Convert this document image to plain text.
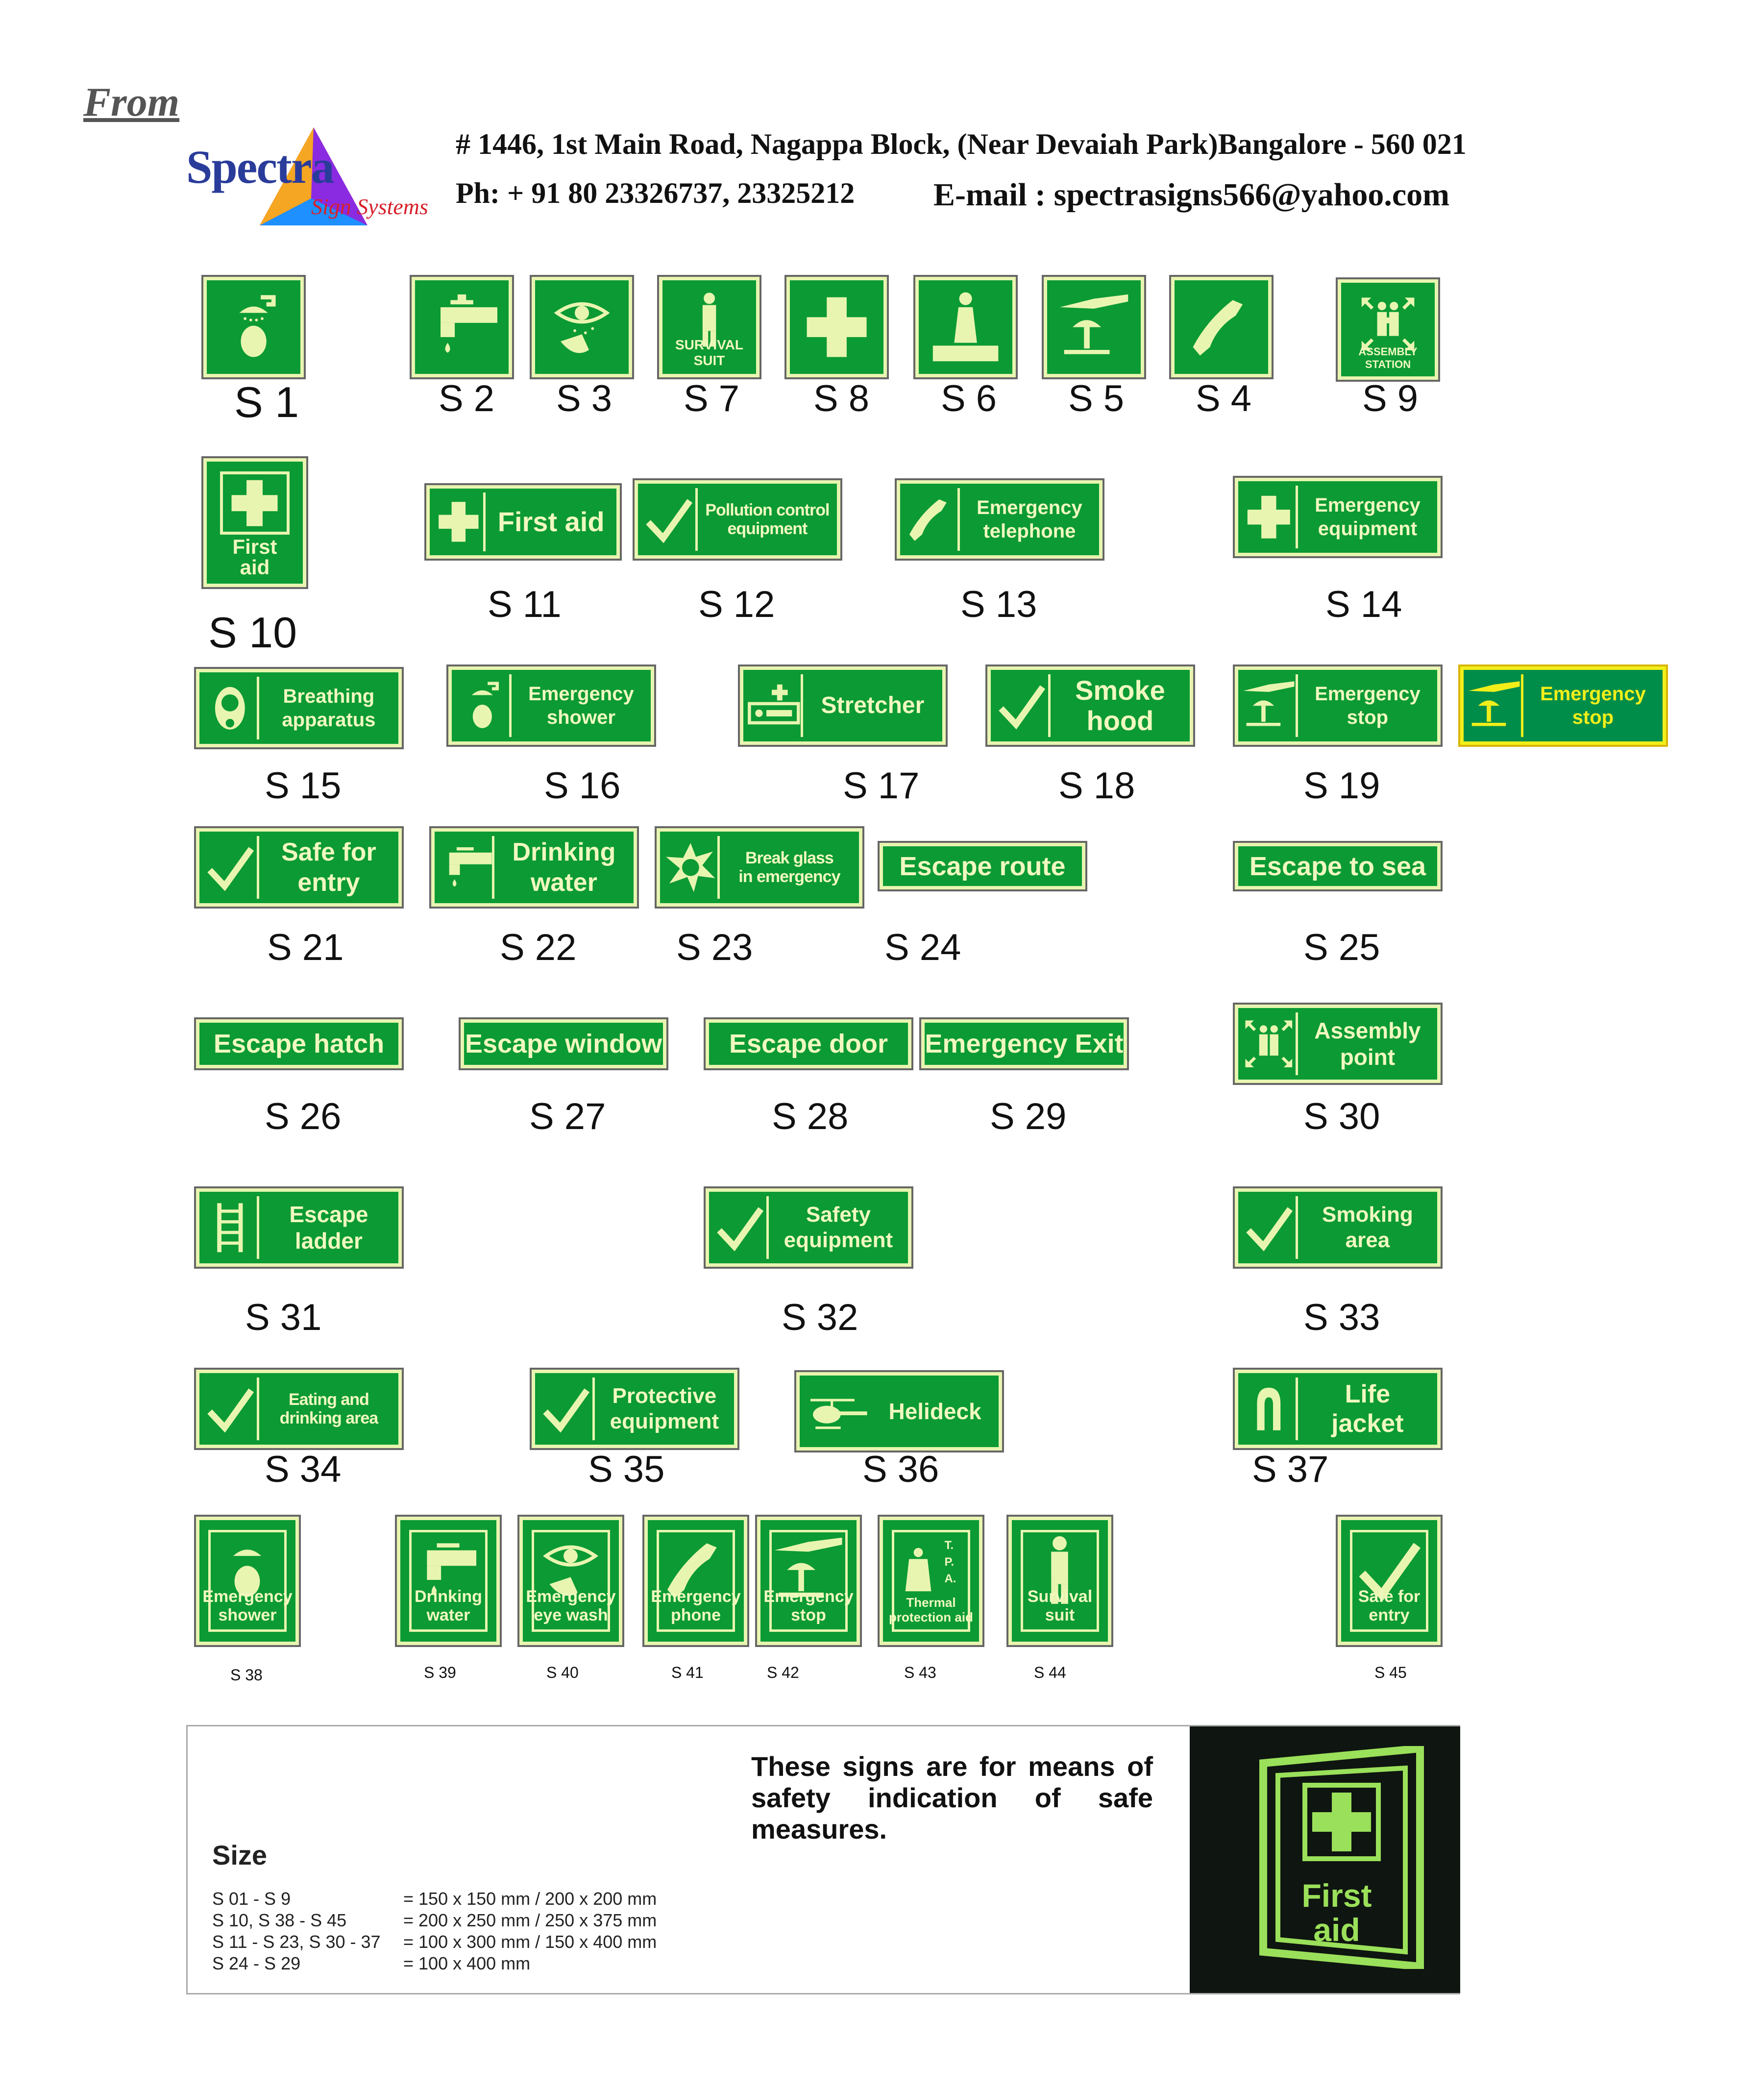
From
Spectra
Sign Systems
# 1446, 1st Main Road, Nagappa Block, (Near Devaiah Park)Bangalore - 560 021
Ph: + 91 80 23326737, 23325212 E-mail : spectrasigns566@yahoo.com
SURVIVAL SUIT
ASSEMBLY STATION
S 1	S 2 S 3 S 7 S 8 S 6 S 5 S 4	S 9
First
aid
First aid	Pollution control
equipment
Emergency
telephone
Emergency
equipment
S 10
S 11	S 12	S 13	S 14
Breathing
apparatus
Emergency
shower	Stretcher	Smoke
hood
Emergency
stop
Emergency
stop
S 15	S 16	S 17	S 18	S 19
Safe for
entry
Drinking
water
Break glass
in emergency	Escape route	Escape to sea
S 21	S 22	S 23	S 24	S 25
Escape hatch	Escape window	Escape door	Emergency Exit	Assembly
point
S 26	S 27	S 28	S 29	S 30
Escape
ladder
Safety
equipment
Smoking
area
S 31	S 32	S 33
Eating and
drinking area
Protective
equipment	Helideck
Life
jacket
S 34	S 35	S 36	S 37
Emergency
shower
Drinking
water
Emergency
eye wash
Emergency
phone
Emergency
stop
T.
P.
A.
Thermal
protection aid
Survival
suit
Safe for
entry
S 38	S 39	S 40	S 41	S 42	S 43	S 44	S 45
Size
S 01 - S 9	= 150 x 150 mm / 200 x 200 mm
S 10, S 38 - S 45	= 200 x 250 mm / 250 x 375 mm
S 11 - S 23, S 30 - 37	= 100 x 300 mm / 150 x 400 mm
S 24 - S 29	= 100 x 400 mm
These signs are for means of safety indication of safe measures.
First
aid
